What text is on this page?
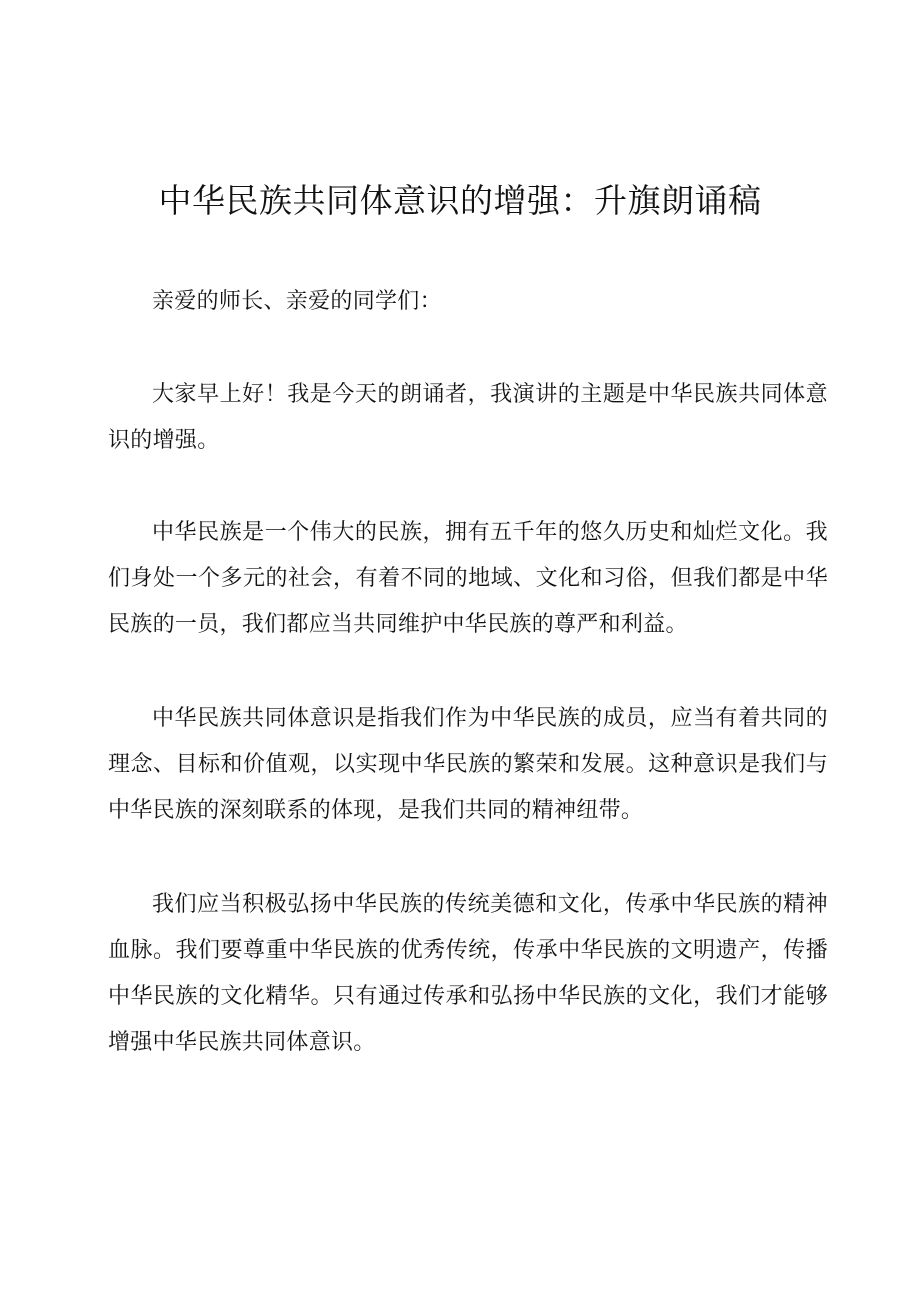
中华民族共同体意识的增强：升旗朗诵稿

亲爱的师长、亲爱的同学们：

大家早上好！我是今天的朗诵者，我演讲的主题是中华民族共同体意识的增强。

中华民族是一个伟大的民族，拥有五千年的悠久历史和灿烂文化。我们身处一个多元的社会，有着不同的地域、文化和习俗，但我们都是中华民族的一员，我们都应当共同维护中华民族的尊严和利益。

中华民族共同体意识是指我们作为中华民族的成员，应当有着共同的理念、目标和价值观，以实现中华民族的繁荣和发展。这种意识是我们与中华民族的深刻联系的体现，是我们共同的精神纽带。

我们应当积极弘扬中华民族的传统美德和文化，传承中华民族的精神血脉。我们要尊重中华民族的优秀传统，传承中华民族的文明遗产，传播中华民族的文化精华。只有通过传承和弘扬中华民族的文化，我们才能够增强中华民族共同体意识。
